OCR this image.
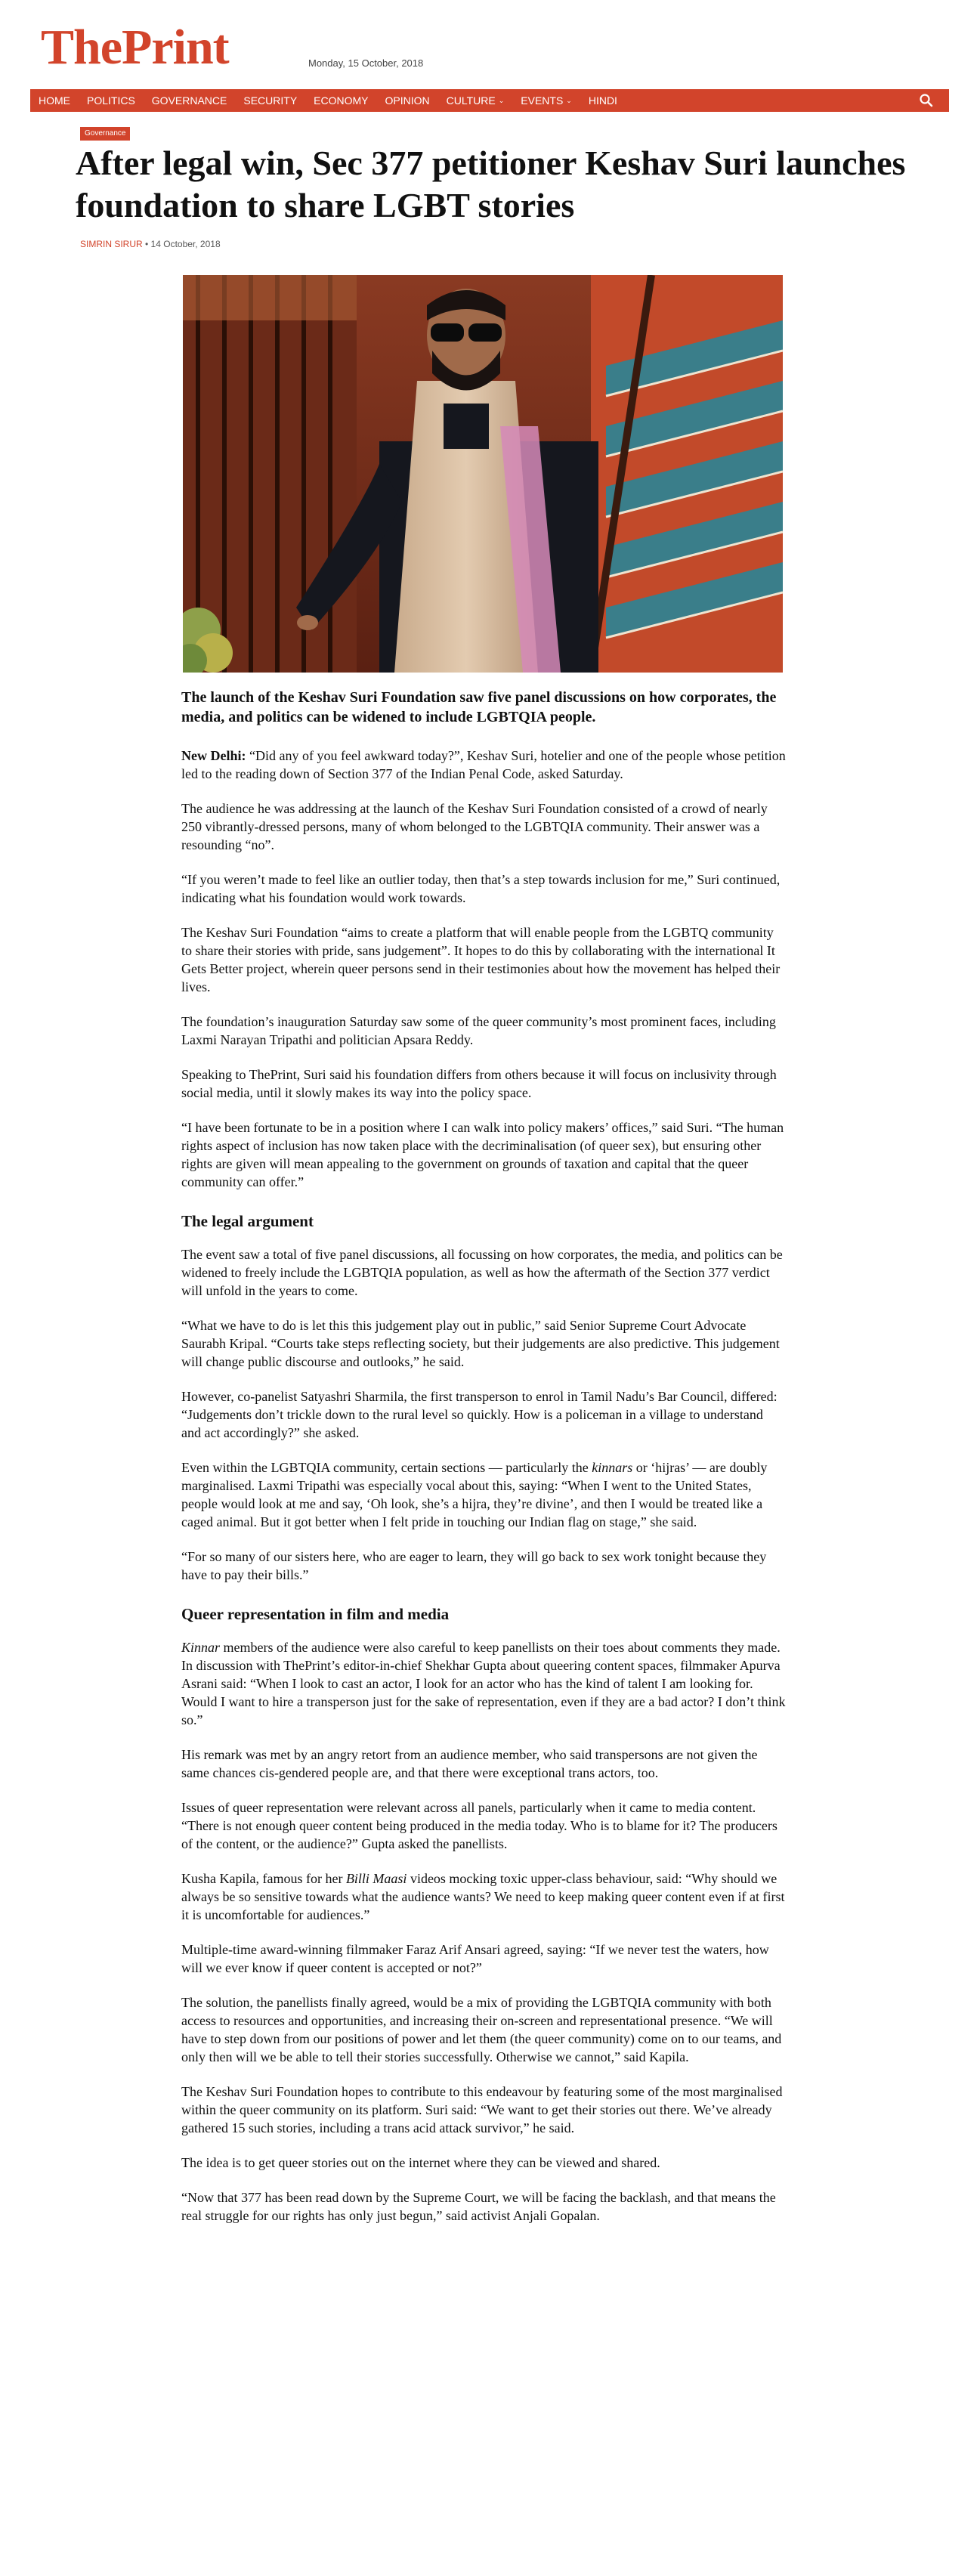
ThePrint	Monday, 15 October, 2018
HOME POLITICS GOVERNANCE SECURITY ECONOMY OPINION CULTURE ⌄ EVENTS ⌄ HINDI
Governance
After legal win, Sec 377 petitioner Keshav Suri launches foundation to share LGBT stories
SIMRIN SIRUR • 14 October, 2018

The launch of the Keshav Suri Foundation saw five panel discussions on how corporates, the media, and politics can be widened to include LGBTQIA people.

New Delhi: “Did any of you feel awkward today?”, Keshav Suri, hotelier and one of the people whose petition led to the reading down of Section 377 of the Indian Penal Code, asked Saturday.

The audience he was addressing at the launch of the Keshav Suri Foundation consisted of a crowd of nearly 250 vibrantly-dressed persons, many of whom belonged to the LGBTQIA community. Their answer was a resounding “no”.

“If you weren’t made to feel like an outlier today, then that’s a step towards inclusion for me,” Suri continued, indicating what his foundation would work towards.

The Keshav Suri Foundation “aims to create a platform that will enable people from the LGBTQ community to share their stories with pride, sans judgement”. It hopes to do this by collaborating with the international It Gets Better project, wherein queer persons send in their testimonies about how the movement has helped their lives.

The foundation’s inauguration Saturday saw some of the queer community’s most prominent faces, including Laxmi Narayan Tripathi and politician Apsara Reddy.

Speaking to ThePrint, Suri said his foundation differs from others because it will focus on inclusivity through social media, until it slowly makes its way into the policy space.

“I have been fortunate to be in a position where I can walk into policy makers’ offices,” said Suri. “The human rights aspect of inclusion has now taken place with the decriminalisation (of queer sex), but ensuring other rights are given will mean appealing to the government on grounds of taxation and capital that the queer community can offer.”

The legal argument

The event saw a total of five panel discussions, all focussing on how corporates, the media, and politics can be widened to freely include the LGBTQIA population, as well as how the aftermath of the Section 377 verdict will unfold in the years to come.

“What we have to do is let this this judgement play out in public,” said Senior Supreme Court Advocate Saurabh Kripal. “Courts take steps reflecting society, but their judgements are also predictive. This judgement will change public discourse and outlooks,” he said.

However, co-panelist Satyashri Sharmila, the first transperson to enrol in Tamil Nadu’s Bar Council, differed: “Judgements don’t trickle down to the rural level so quickly. How is a policeman in a village to understand and act accordingly?” she asked.

Even within the LGBTQIA community, certain sections — particularly the kinnars or ‘hijras’ — are doubly marginalised. Laxmi Tripathi was especially vocal about this, saying: “When I went to the United States, people would look at me and say, ‘Oh look, she’s a hijra, they’re divine’, and then I would be treated like a caged animal. But it got better when I felt pride in touching our Indian flag on stage,” she said.

“For so many of our sisters here, who are eager to learn, they will go back to sex work tonight because they have to pay their bills.”

Queer representation in film and media

Kinnar members of the audience were also careful to keep panellists on their toes about comments they made. In discussion with ThePrint’s editor-in-chief Shekhar Gupta about queering content spaces, filmmaker Apurva Asrani said: “When I look to cast an actor, I look for an actor who has the kind of talent I am looking for. Would I want to hire a transperson just for the sake of representation, even if they are a bad actor? I don’t think so.”

His remark was met by an angry retort from an audience member, who said transpersons are not given the same chances cis-gendered people are, and that there were exceptional trans actors, too.

Issues of queer representation were relevant across all panels, particularly when it came to media content. “There is not enough queer content being produced in the media today. Who is to blame for it? The producers of the content, or the audience?” Gupta asked the panellists.

Kusha Kapila, famous for her Billi Maasi videos mocking toxic upper-class behaviour, said: “Why should we always be so sensitive towards what the audience wants? We need to keep making queer content even if at first it is uncomfortable for audiences.”

Multiple-time award-winning filmmaker Faraz Arif Ansari agreed, saying: “If we never test the waters, how will we ever know if queer content is accepted or not?”

The solution, the panellists finally agreed, would be a mix of providing the LGBTQIA community with both access to resources and opportunities, and increasing their on-screen and representational presence. “We will have to step down from our positions of power and let them (the queer community) come on to our teams, and only then will we be able to tell their stories successfully. Otherwise we cannot,” said Kapila.

The Keshav Suri Foundation hopes to contribute to this endeavour by featuring some of the most marginalised within the queer community on its platform. Suri said: “We want to get their stories out there. We’ve already gathered 15 such stories, including a trans acid attack survivor,” he said.

The idea is to get queer stories out on the internet where they can be viewed and shared.

“Now that 377 has been read down by the Supreme Court, we will be facing the backlash, and that means the real struggle for our rights has only just begun,” said activist Anjali Gopalan.
